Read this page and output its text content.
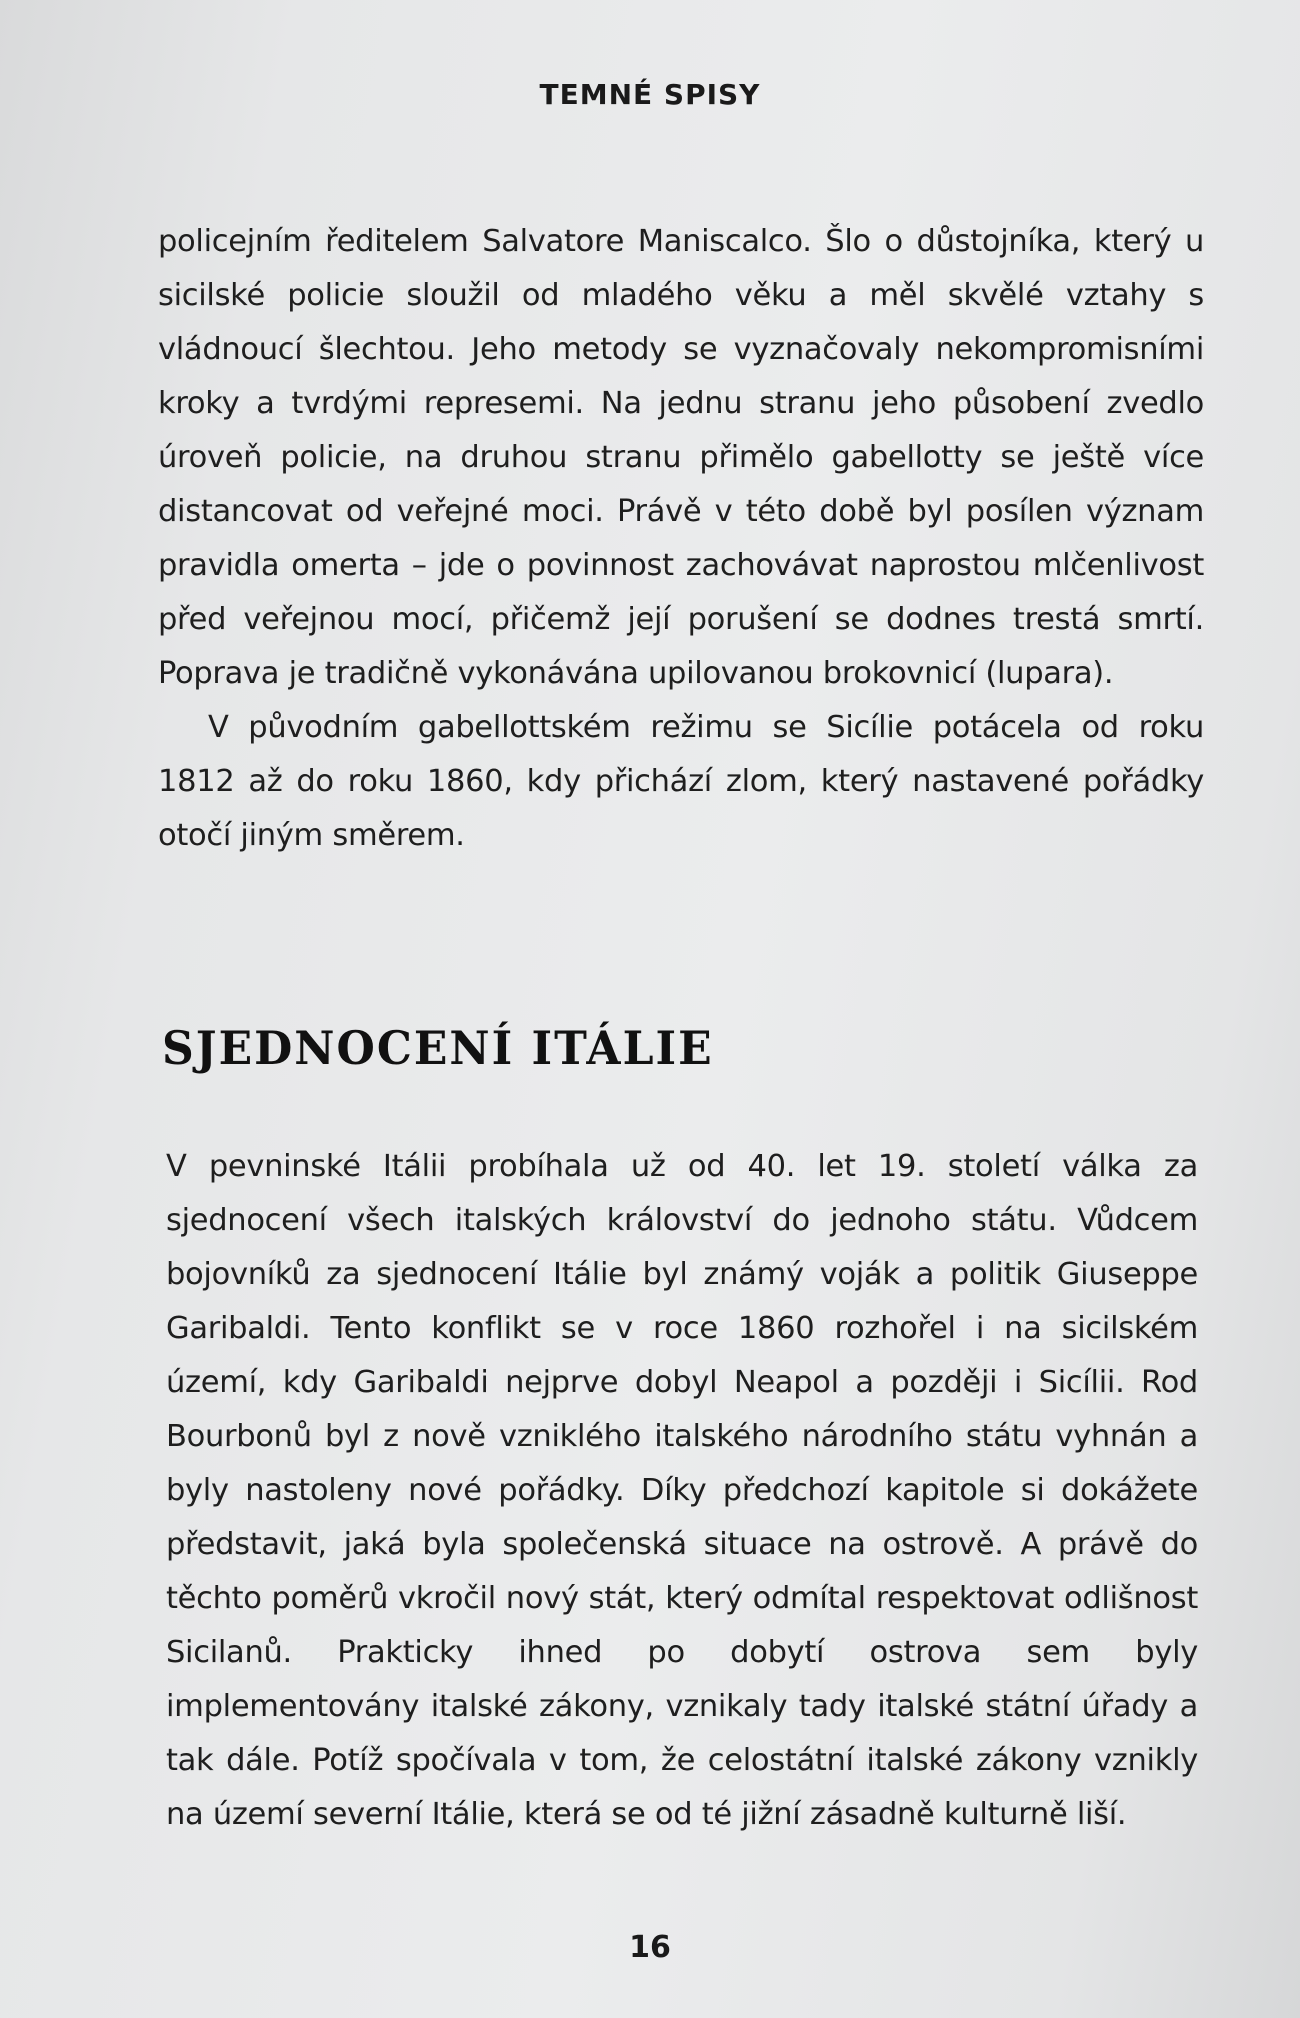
TEMNÉ SPISY

policejním ředitelem Salvatore Maniscalco. Šlo o důstojníka, který u sicilské policie sloužil od mladého věku a měl skvělé vztahy s vládnoucí šlechtou. Jeho metody se vyznačovaly nekompromisními kroky a tvrdými represemi. Na jednu stranu jeho působení zvedlo úroveň policie, na druhou stranu přimělo gabellotty se ještě více distancovat od veřejné moci. Právě v této době byl posílen význam pravidla omerta – jde o povinnost zachovávat naprostou mlčenlivost před veřejnou mocí, přičemž její porušení se dodnes trestá smrtí. Poprava je tradičně vykonávána upilovanou brokovnicí (lupara).

V původním gabellottském režimu se Sicílie potácela od roku 1812 až do roku 1860, kdy přichází zlom, který nastavené pořádky otočí jiným směrem.

SJEDNOCENÍ ITÁLIE

V pevninské Itálii probíhala už od 40. let 19. století válka za sjednocení všech italských království do jednoho státu. Vůdcem bojovníků za sjednocení Itálie byl známý voják a politik Giuseppe Garibaldi. Tento konflikt se v roce 1860 rozhořel i na sicilském území, kdy Garibaldi nejprve dobyl Neapol a později i Sicílii. Rod Bourbonů byl z nově vzniklého italského národního státu vyhnán a byly nastoleny nové pořádky. Díky předchozí kapitole si dokážete představit, jaká byla společenská situace na ostrově. A právě do těchto poměrů vkročil nový stát, který odmítal respektovat odlišnost Sicilanů. Prakticky ihned po dobytí ostrova sem byly implementovány italské zákony, vznikaly tady italské státní úřady a tak dále. Potíž spočívala v tom, že celostátní italské zákony vznikly na území severní Itálie, která se od té jižní zásadně kulturně liší.

16
